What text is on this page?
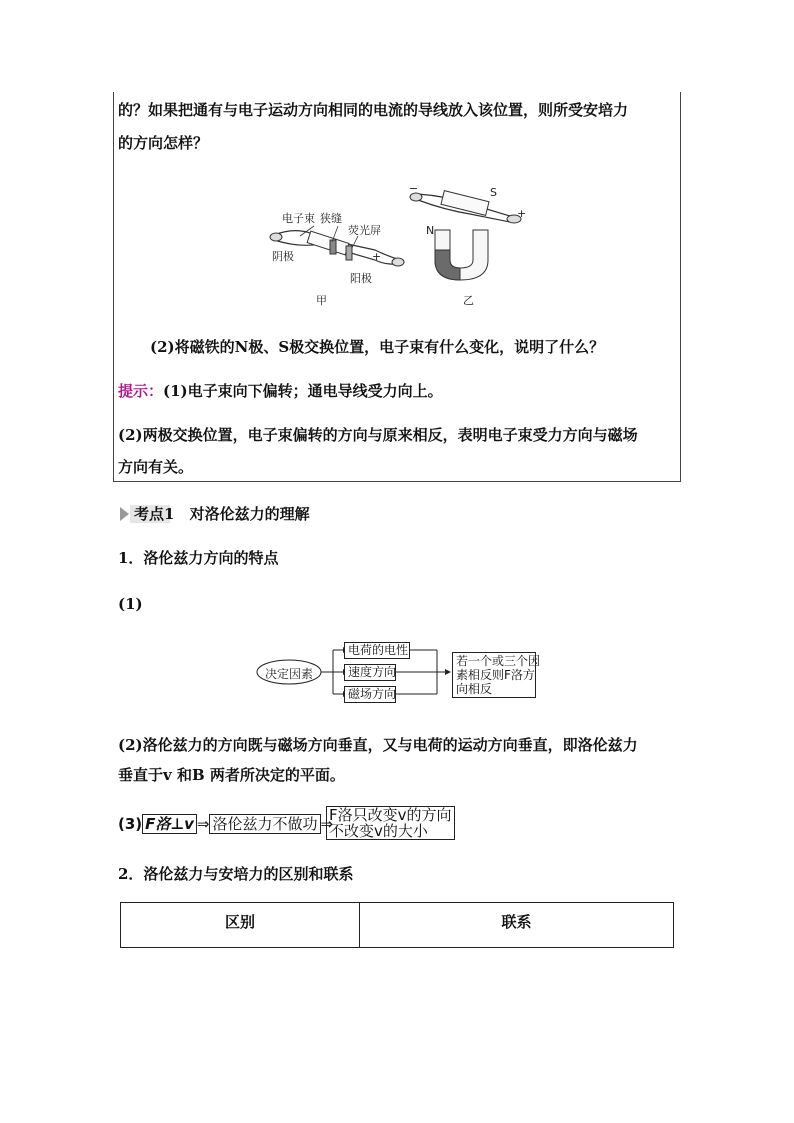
的？如果把通有与电子运动方向相同的电流的导线放入该位置，则所受安培力
的方向怎样？
电子束 狭缝
荧光屏
阴极
阳极
+
−	S
N
+
甲	乙
(2)将磁铁的N极、S极交换位置，电子束有什么变化，说明了什么？
提示：(1)电子束向下偏转；通电导线受力向上。
(2)两极交换位置，电子束偏转的方向与原来相反，表明电子束受力方向与磁场
方向有关。
考点1 对洛伦兹力的理解
1．洛伦兹力方向的特点
(1)
决定因素
电荷的电性
速度方向
磁场方向
若一个或三个因
素相反则F洛方
向相反
(2)洛伦兹力的方向既与磁场方向垂直，又与电荷的运动方向垂直，即洛伦兹力
垂直于v 和B 两者所决定的平面。
(3) F洛⊥v ⇒ 洛伦兹力不做功 ⇒
F洛只改变v的方向
不改变v的大小
2．洛伦兹力与安培力的区别和联系
区别	联系
